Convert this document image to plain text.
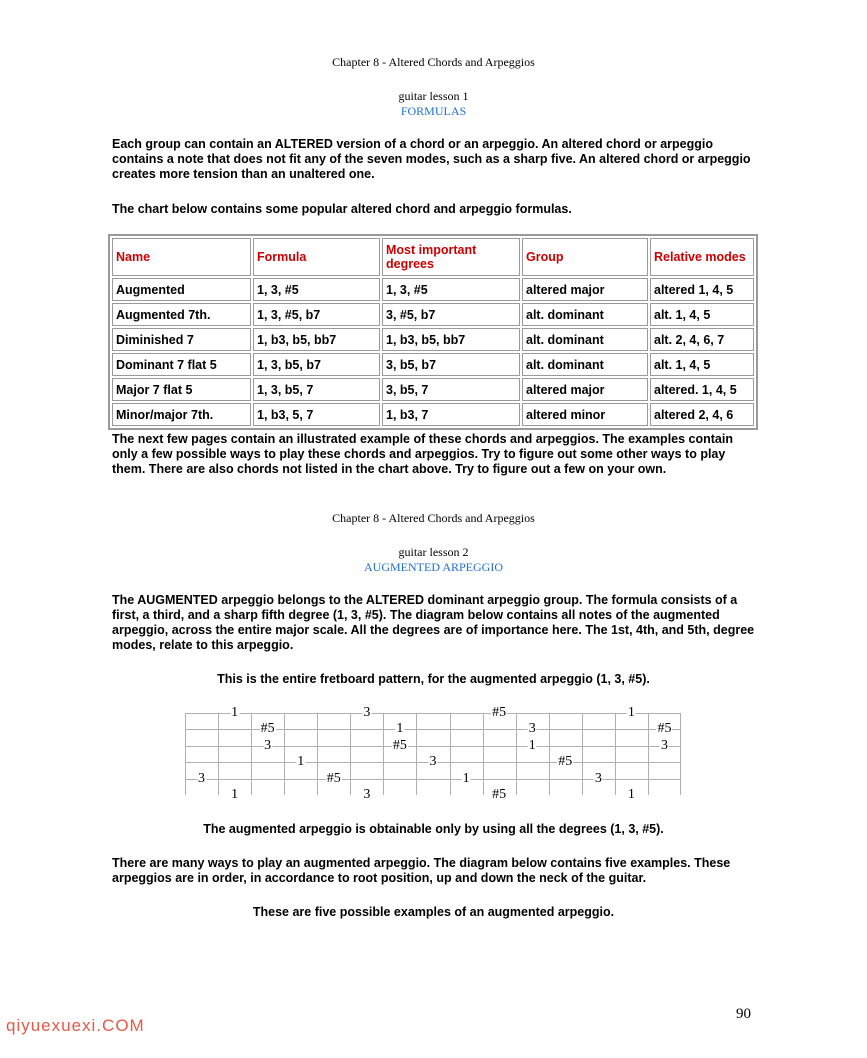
Chapter 8 - Altered Chords and Arpeggios
guitar lesson 1
FORMULAS
Each group can contain an ALTERED version of a chord or an arpeggio. An altered chord or arpeggio contains a note that does not fit any of the seven modes, such as a sharp five. An altered chord or arpeggio creates more tension than an unaltered one.
The chart below contains some popular altered chord and arpeggio formulas.
Name	Formula	Most important degrees	Group	Relative modes
Augmented	1, 3, #5	1, 3, #5	altered major	altered 1, 4, 5
Augmented 7th.	1, 3, #5, b7	3, #5, b7	alt. dominant	alt. 1, 4, 5
Diminished 7	1, b3, b5, bb7	1, b3, b5, bb7	alt. dominant	alt. 2, 4, 6, 7
Dominant 7 flat 5	1, 3, b5, b7	3, b5, b7	alt. dominant	alt. 1, 4, 5
Major 7 flat 5	1, 3, b5, 7	3, b5, 7	altered major	altered. 1, 4, 5
Minor/major 7th.	1, b3, 5, 7	1, b3, 7	altered minor	altered 2, 4, 6
The next few pages contain an illustrated example of these chords and arpeggios. The examples contain only a few possible ways to play these chords and arpeggios. Try to figure out some other ways to play them. There are also chords not listed in the chart above. Try to figure out a few on your own.
Chapter 8 - Altered Chords and Arpeggios
guitar lesson 2
AUGMENTED ARPEGGIO
The AUGMENTED arpeggio belongs to the ALTERED dominant arpeggio group. The formula consists of a first, a third, and a sharp fifth degree (1, 3, #5). The diagram below contains all notes of the augmented arpeggio, across the entire major scale. All the degrees are of importance here. The 1st, 4th, and 5th, degree modes, relate to this arpeggio.
This is the entire fretboard pattern, for the augmented arpeggio (1, 3, #5).
1	3	#5	1
#5	1	3	#5
3	#5	1	3
1	3	#5
3	#5	1	3
1	3	#5	1
The augmented arpeggio is obtainable only by using all the degrees (1, 3, #5).
There are many ways to play an augmented arpeggio. The diagram below contains five examples. These arpeggios are in order, in accordance to root position, up and down the neck of the guitar.
These are five possible examples of an augmented arpeggio.
90
qiyuexuexi.COM
